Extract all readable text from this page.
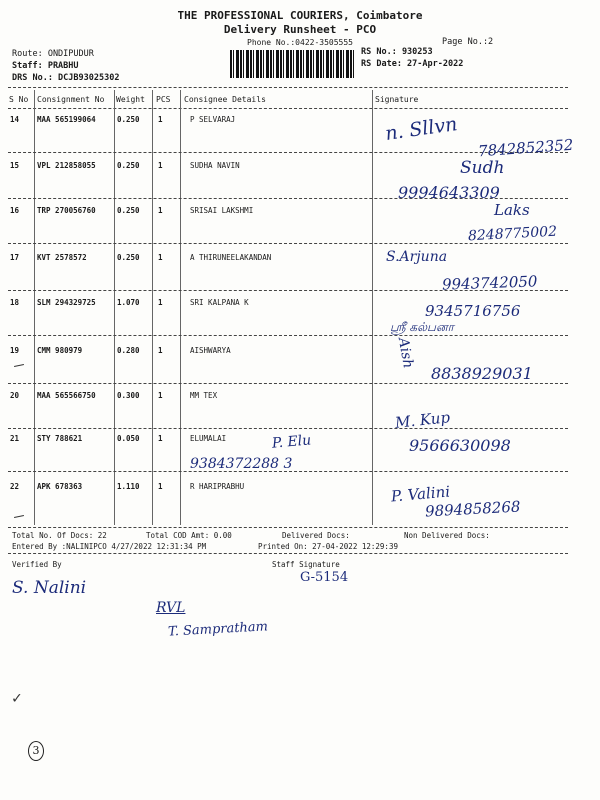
THE PROFESSIONAL COURIERS, Coimbatore
Delivery Runsheet - PCO
Phone No.:0422-3505555	Page No.:2
Route: ONDIPUDUR
Staff: PRABHU
DRS No.: DCJB93025302
RS No.: 930253
RS Date: 27-Apr-2022
S No Consignment No Weight PCS Consignee Details	Signature
14 MAA 565199064	0.250 1	P SELVARAJ
15 VPL 212858055	0.250 1	SUDHA NAVIN
16 TRP 270056760	0.250 1	SRISAI LAKSHMI
17 KVT 2578572	0.250 1	A THIRUNEELAKANDAN
18 SLM 294329725	1.070 1	SRI KALPANA K
19 CMM 980979	0.280 1	AISHWARYA
20 MAA 565566750	0.300 1	MM TEX
21 STY 788621	0.050 1	ELUMALAI
22 APK 678363	1.110 1	R HARIPRABHU
n. Sllvn
7842852352
Sudh
9994643309
Laks
8248775002
S.Arjuna
9943742050
9345716756
ஸ்ரீ கல்பனா
Aish
8838929031
M. Kup
P. Elu
9384372288 3
9566630098
P. Valini
9894858268
Total No. Of Docs: 22	Total COD Amt: 0.00	Delivered Docs:	Non Delivered Docs:
Entered By :NALINIPCO 4/27/2022 12:31:34 PM	Printed On: 27-04-2022 12:29:39
Verified By	Staff Signature
G-5154
S. Nalini
RVL
T. Sampratham
✓
3
